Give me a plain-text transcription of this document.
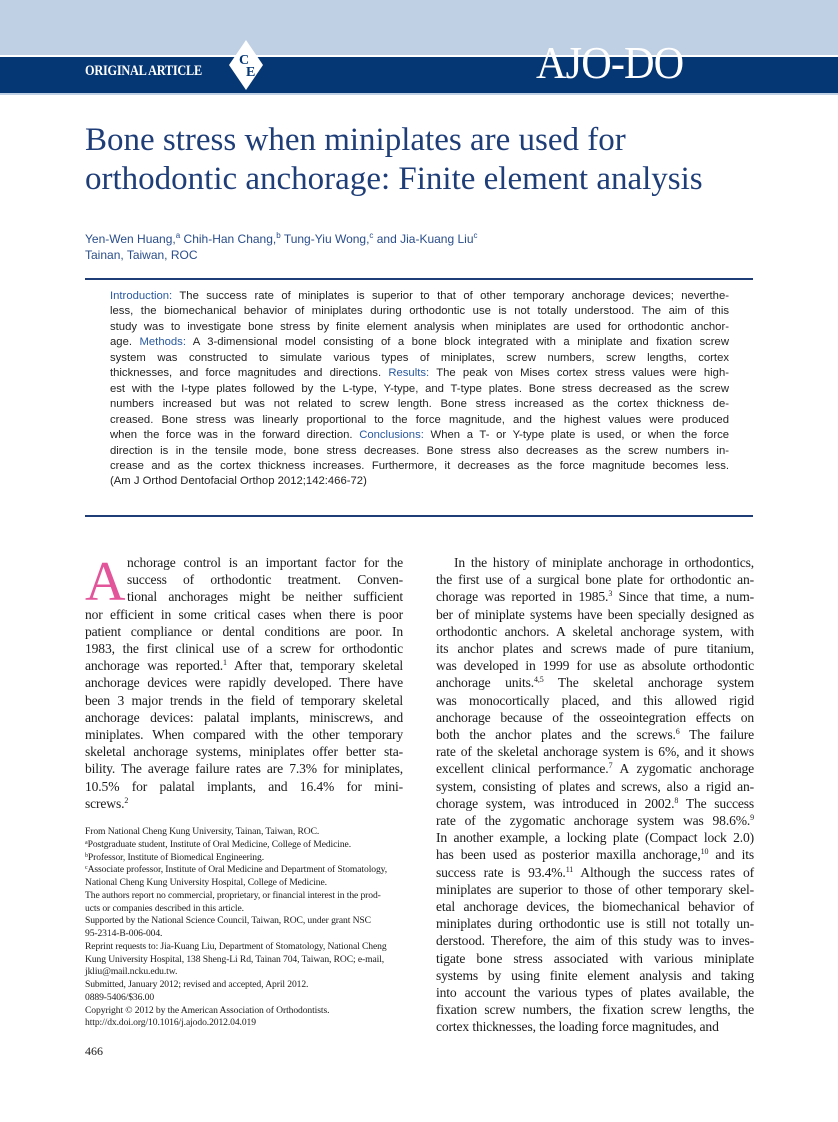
ORIGINAL ARTICLE
C
E	AJO-DO
Bone stress when miniplates are used for
orthodontic anchorage: Finite element analysis
Yen-Wen Huang,$^a$ Chih-Han Chang,$^b$ Tung-Yiu Wong,$^c$ and Jia-Kuang Liu$^c$
Tainan, Taiwan, ROC
Introduction: The success rate of miniplates is superior to that of other temporary anchorage devices; neverthe-
less, the biomechanical behavior of miniplates during orthodontic use is not totally understood. The aim of this
study was to investigate bone stress by finite element analysis when miniplates are used for orthodontic anchor-
age. Methods: A 3-dimensional model consisting of a bone block integrated with a miniplate and fixation screw
system was constructed to simulate various types of miniplates, screw numbers, screw lengths, cortex
thicknesses, and force magnitudes and directions. Results: The peak von Mises cortex stress values were high-
est with the I-type plates followed by the L-type, Y-type, and T-type plates. Bone stress decreased as the screw
numbers increased but was not related to screw length. Bone stress increased as the cortex thickness de-
creased. Bone stress was linearly proportional to the force magnitude, and the highest values were produced
when the force was in the forward direction. Conclusions: When a T- or Y-type plate is used, or when the force
direction is in the tensile mode, bone stress decreases. Bone stress also decreases as the screw numbers in-
crease and as the cortex thickness increases. Furthermore, it decreases as the force magnitude becomes less.
(Am J Orthod Dentofacial Orthop 2012;142:466-72)
A nchorage control is an important factor for the
success of orthodontic treatment. Conven-
tional anchorages might be neither sufficient
nor efficient in some critical cases when there is poor
patient compliance or dental conditions are poor. In
1983, the first clinical use of a screw for orthodontic
anchorage was reported.$^1$ After that, temporary skeletal
anchorage devices were rapidly developed. There have
been 3 major trends in the field of temporary skeletal
anchorage devices: palatal implants, miniscrews, and
miniplates. When compared with the other temporary
skeletal anchorage systems, miniplates offer better sta-
bility. The average failure rates are 7.3% for miniplates,
10.5% for palatal implants, and 16.4% for mini-
screws.$^2$
In the history of miniplate anchorage in orthodontics,
the first use of a surgical bone plate for orthodontic an-
chorage was reported in 1985.$^3$ Since that time, a num-
ber of miniplate systems have been specially designed as
orthodontic anchors. A skeletal anchorage system, with
its anchor plates and screws made of pure titanium,
was developed in 1999 for use as absolute orthodontic
anchorage units.$^{4,5}$ The skeletal anchorage system
was monocortically placed, and this allowed rigid
anchorage because of the osseointegration effects on
both the anchor plates and the screws.$^6$ The failure
rate of the skeletal anchorage system is 6%, and it shows
excellent clinical performance.$^7$ A zygomatic anchorage
system, consisting of plates and screws, also a rigid an-
chorage system, was introduced in 2002.$^8$ The success
rate of the zygomatic anchorage system was 98.6%.$^9$
In another example, a locking plate (Compact lock 2.0)
has been used as posterior maxilla anchorage,$^{10}$ and its
success rate is 93.4%.$^{11}$ Although the success rates of
miniplates are superior to those of other temporary skel-
etal anchorage devices, the biomechanical behavior of
miniplates during orthodontic use is still not totally un-
derstood. Therefore, the aim of this study was to inves-
tigate bone stress associated with various miniplate
systems by using finite element analysis and taking
into account the various types of plates available, the
fixation screw numbers, the fixation screw lengths, the
cortex thicknesses, the loading force magnitudes, and
From National Cheng Kung University, Tainan, Taiwan, ROC.
$^a$Postgraduate student, Institute of Oral Medicine, College of Medicine.
$^b$Professor, Institute of Biomedical Engineering.
$^c$Associate professor, Institute of Oral Medicine and Department of Stomatology,
National Cheng Kung University Hospital, College of Medicine.
The authors report no commercial, proprietary, or financial interest in the prod-
ucts or companies described in this article.
Supported by the National Science Council, Taiwan, ROC, under grant NSC
95-2314-B-006-004.
Reprint requests to: Jia-Kuang Liu, Department of Stomatology, National Cheng
Kung University Hospital, 138 Sheng-Li Rd, Tainan 704, Taiwan, ROC; e-mail,
jkliu@mail.ncku.edu.tw.
Submitted, January 2012; revised and accepted, April 2012.
0889-5406/$36.00
Copyright © 2012 by the American Association of Orthodontists.
http://dx.doi.org/10.1016/j.ajodo.2012.04.019
466
